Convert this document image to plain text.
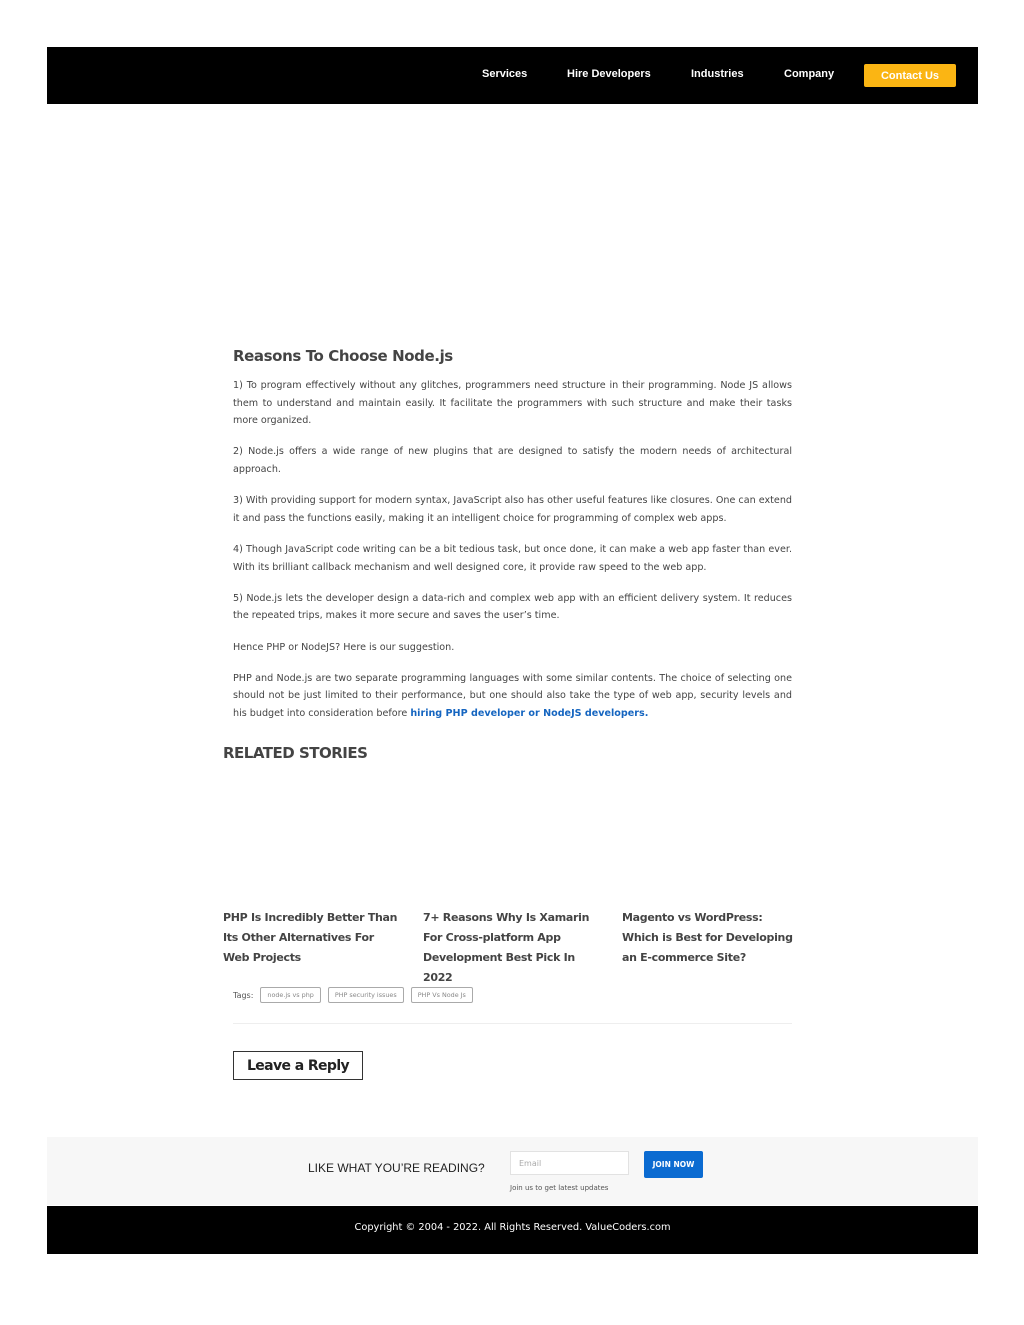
Services	Hire Developers	Industries	Company	Contact Us
Reasons To Choose Node.js

1) To program effectively without any glitches, programmers need structure in their programming. Node JS allows them to understand and maintain easily. It facilitate the programmers with such structure and make their tasks more organized.

2) Node.js offers a wide range of new plugins that are designed to satisfy the modern needs of architectural approach.

3) With providing support for modern syntax, JavaScript also has other useful features like closures. One can extend it and pass the functions easily, making it an intelligent choice for programming of complex web apps.

4) Though JavaScript code writing can be a bit tedious task, but once done, it can make a web app faster than ever. With its brilliant callback mechanism and well designed core, it provide raw speed to the web app.

5) Node.js lets the developer design a data-rich and complex web app with an efficient delivery system. It reduces the repeated trips, makes it more secure and saves the user’s time.

Hence PHP or NodeJS? Here is our suggestion.

PHP and Node.js are two separate programming languages with some similar contents. The choice of selecting one should not be just limited to their performance, but one should also take the type of web app, security levels and his budget into consideration before hiring PHP developer or NodeJS developers.

RELATED STORIES
PHP Is Incredibly Better Than Its Other Alternatives For Web Projects
7+ Reasons Why Is Xamarin For Cross-platform App Development Best Pick In 2022
Magento vs WordPress: Which is Best for Developing an E-commerce Site?
Tags:	node.js vs php	PHP security issues	PHP Vs Node Js
Leave a Reply
LIKE WHAT YOU’RE READING?
Email	JOIN NOW
Join us to get latest updates
Copyright © 2004 - 2022. All Rights Reserved. ValueCoders.com
